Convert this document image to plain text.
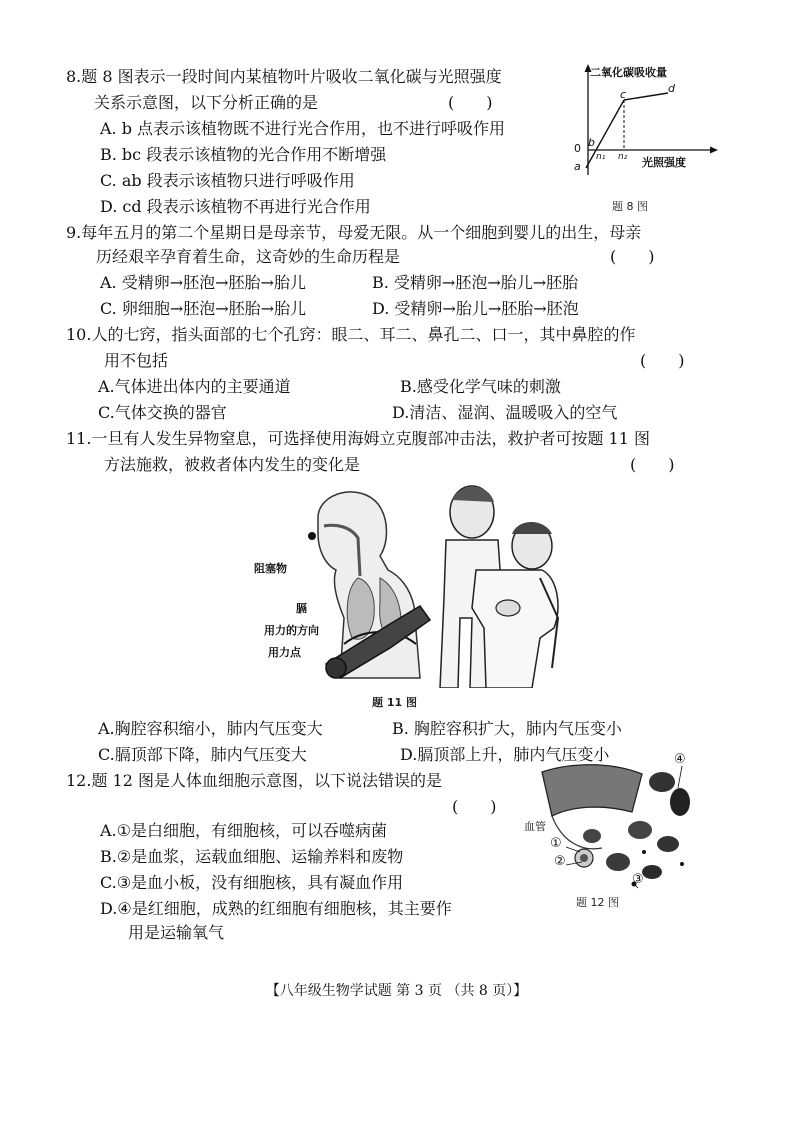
8.题 8 图表示一段时间内某植物叶片吸收二氧化碳与光照强度
关系示意图，以下分析正确的是	(　　)
A. b 点表示该植物既不进行光合作用，也不进行呼吸作用
B. bc 段表示该植物的光合作用不断增强
C. ab 段表示该植物只进行呼吸作用
D. cd 段表示该植物不再进行光合作用
二氧化碳吸收量
光照强度
0
a
b
c	d
n₁ n₂
题 8 图
9.每年五月的第二个星期日是母亲节，母爱无限。从一个细胞到婴儿的出生，母亲
历经艰辛孕育着生命，这奇妙的生命历程是	(　　)
A. 受精卵→胚泡→胚胎→胎儿	B. 受精卵→胚泡→胎儿→胚胎
C. 卵细胞→胚泡→胚胎→胎儿	D. 受精卵→胎儿→胚胎→胚泡
10.人的七窍，指头面部的七个孔窍：眼二、耳二、鼻孔二、口一，其中鼻腔的作
用不包括	(　　)
A.气体进出体内的主要通道	B.感受化学气味的刺激
C.气体交换的器官	D.清洁、湿润、温暖吸入的空气
11.一旦有人发生异物窒息，可选择使用海姆立克腹部冲击法，救护者可按题 11 图
方法施救，被救者体内发生的变化是	(　　)
阻塞物
膈
用力的方向
用力点
题 11 图
A.胸腔容积缩小，肺内气压变大	B. 胸腔容积扩大，肺内气压变小
C.膈顶部下降，肺内气压变大	D.膈顶部上升，肺内气压变小
12.题 12 图是人体血细胞示意图，以下说法错误的是
(　　)
A.①是白细胞，有细胞核，可以吞噬病菌
B.②是血浆，运载血细胞、运输养料和废物
C.③是血小板，没有细胞核，具有凝血作用
D.④是红细胞，成熟的红细胞有细胞核，其主要作
用是运输氧气
血管
①
②
③
④
题 12 图
【八年级生物学试题 第 3 页 （共 8 页）】
